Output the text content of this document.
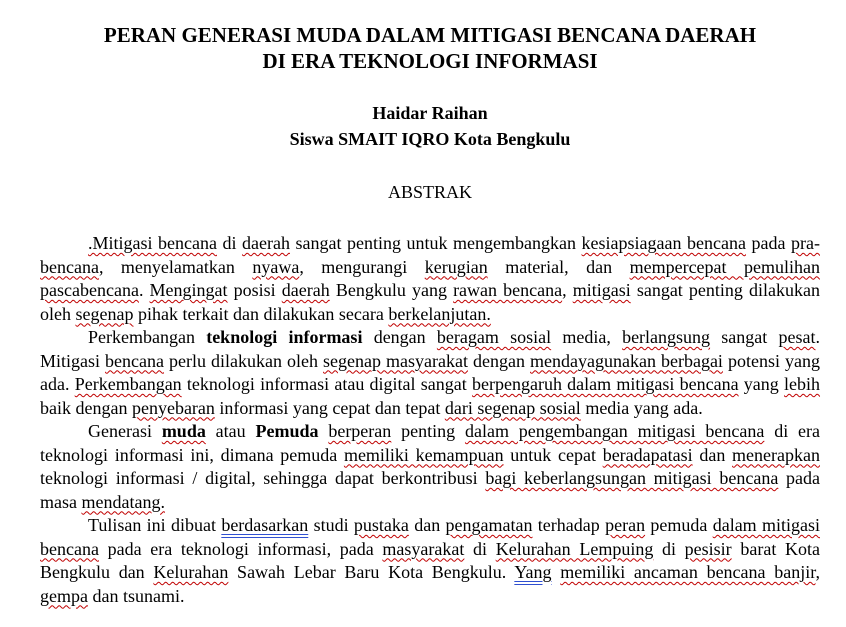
PERAN GENERASI MUDA DALAM MITIGASI BENCANA DAERAH
DI ERA TEKNOLOGI INFORMASI
Haidar Raihan
Siswa SMAIT IQRO Kota Bengkulu
ABSTRAK

.Mitigasi bencana di daerah sangat penting untuk mengembangkan kesiapsiagaan bencana pada pra-bencana, menyelamatkan nyawa, mengurangi kerugian material, dan mempercepat pemulihan pascabencana. Mengingat posisi daerah Bengkulu yang rawan bencana, mitigasi sangat penting dilakukan oleh segenap pihak terkait dan dilakukan secara berkelanjutan.

Perkembangan teknologi informasi dengan beragam sosial media, berlangsung sangat pesat. Mitigasi bencana perlu dilakukan oleh segenap masyarakat dengan mendayagunakan berbagai potensi yang ada. Perkembangan teknologi informasi atau digital sangat berpengaruh dalam mitigasi bencana yang lebih baik dengan penyebaran informasi yang cepat dan tepat dari segenap sosial media yang ada.

Generasi muda atau Pemuda berperan penting dalam pengembangan mitigasi bencana di era teknologi informasi ini, dimana pemuda memiliki kemampuan untuk cepat beradapatasi dan menerapkan teknologi informasi / digital, sehingga dapat berkontribusi bagi keberlangsungan mitigasi bencana pada masa mendatang.

Tulisan ini dibuat berdasarkan studi pustaka dan pengamatan terhadap peran pemuda dalam mitigasi bencana pada era teknologi informasi, pada masyarakat di Kelurahan Lempuing di pesisir barat Kota Bengkulu dan Kelurahan Sawah Lebar Baru Kota Bengkulu. Yang memiliki ancaman bencana banjir, gempa dan tsunami.
